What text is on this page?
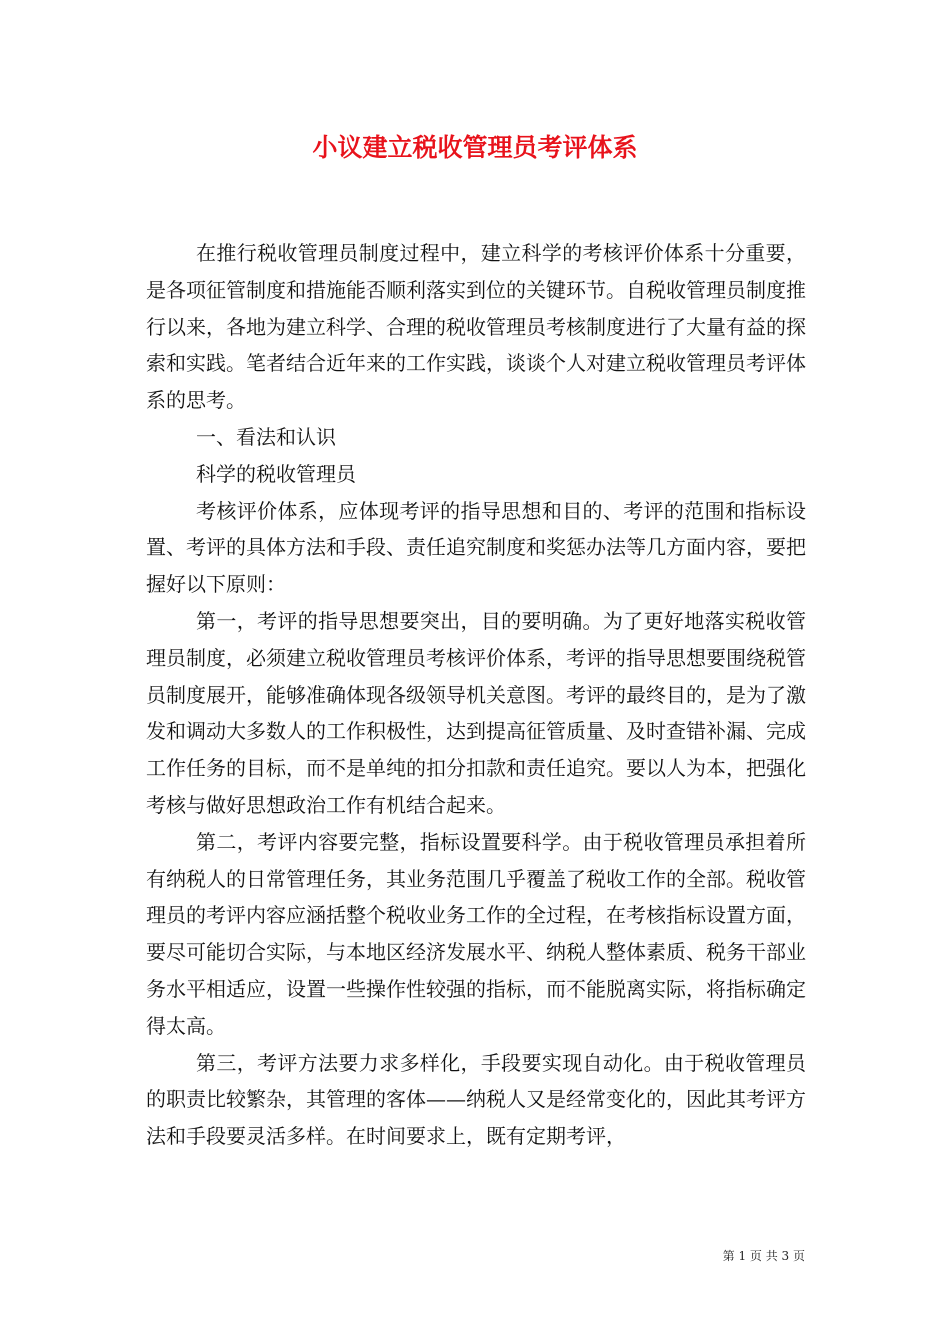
小议建立税收管理员考评体系

在推行税收管理员制度过程中，建立科学的考核评价体系十分重要，是各项征管制度和措施能否顺利落实到位的关键环节。自税收管理员制度推行以来，各地为建立科学、合理的税收管理员考核制度进行了大量有益的探索和实践。笔者结合近年来的工作实践，谈谈个人对建立税收管理员考评体系的思考。

一、看法和认识

科学的税收管理员

考核评价体系，应体现考评的指导思想和目的、考评的范围和指标设置、考评的具体方法和手段、责任追究制度和奖惩办法等几方面内容，要把握好以下原则：

第一，考评的指导思想要突出，目的要明确。为了更好地落实税收管理员制度，必须建立税收管理员考核评价体系，考评的指导思想要围绕税管员制度展开，能够准确体现各级领导机关意图。考评的最终目的，是为了激发和调动大多数人的工作积极性，达到提高征管质量、及时查错补漏、完成工作任务的目标，而不是单纯的扣分扣款和责任追究。要以人为本，把强化考核与做好思想政治工作有机结合起来。

第二，考评内容要完整，指标设置要科学。由于税收管理员承担着所有纳税人的日常管理任务，其业务范围几乎覆盖了税收工作的全部。税收管理员的考评内容应涵括整个税收业务工作的全过程，在考核指标设置方面，要尽可能切合实际，与本地区经济发展水平、纳税人整体素质、税务干部业务水平相适应，设置一些操作性较强的指标，而不能脱离实际，将指标确定得太高。

第三，考评方法要力求多样化，手段要实现自动化。由于税收管理员的职责比较繁杂，其管理的客体——纳税人又是经常变化的，因此其考评方法和手段要灵活多样。在时间要求上，既有定期考评，

第 1 页 共 3 页
